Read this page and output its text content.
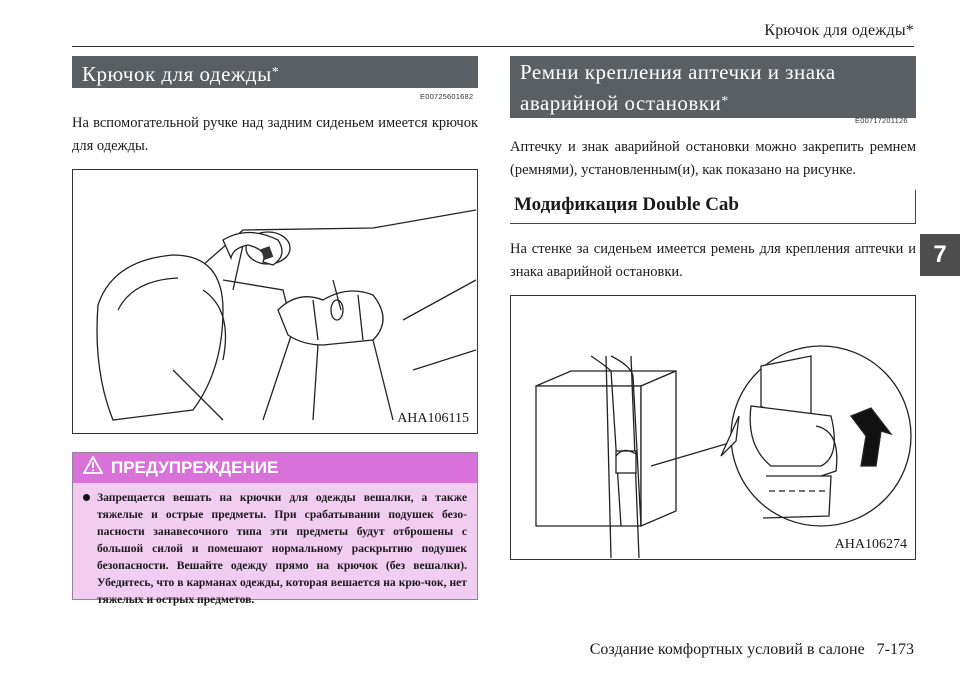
Крючок для одежды*
Крючок для одежды*
E00725601682
На вспомогательной ручке над задним сиденьем имеется крючок для одежды.
AHA106115
ПРЕДУПРЕЖДЕНИЕ
Запрещается вешать на крючки для одежды вешалки, а также тяжелые и острые предметы. При срабатывании подушек безо-пасности занавесочного типа эти предметы будут отброшены с большой силой и помешают нормальному раскрытию подушек безопасности. Вешайте одежду прямо на крючок (без вешалки). Убедитесь, что в карманах одежды, которая вешается на крю-чок, нет тяжелых и острых предметов.
Ремни крепления аптечки и знака
аварийной остановки*
E00717201126
Аптечку и знак аварийной остановки можно закрепить ремнем (ремнями), установленным(и), как показано на рисунке.
Модификация Double Cab
На стенке за сиденьем имеется ремень для крепления аптечки и знака аварийной остановки.
AHA106274
7
Создание комфортных условий в салоне 7-173
